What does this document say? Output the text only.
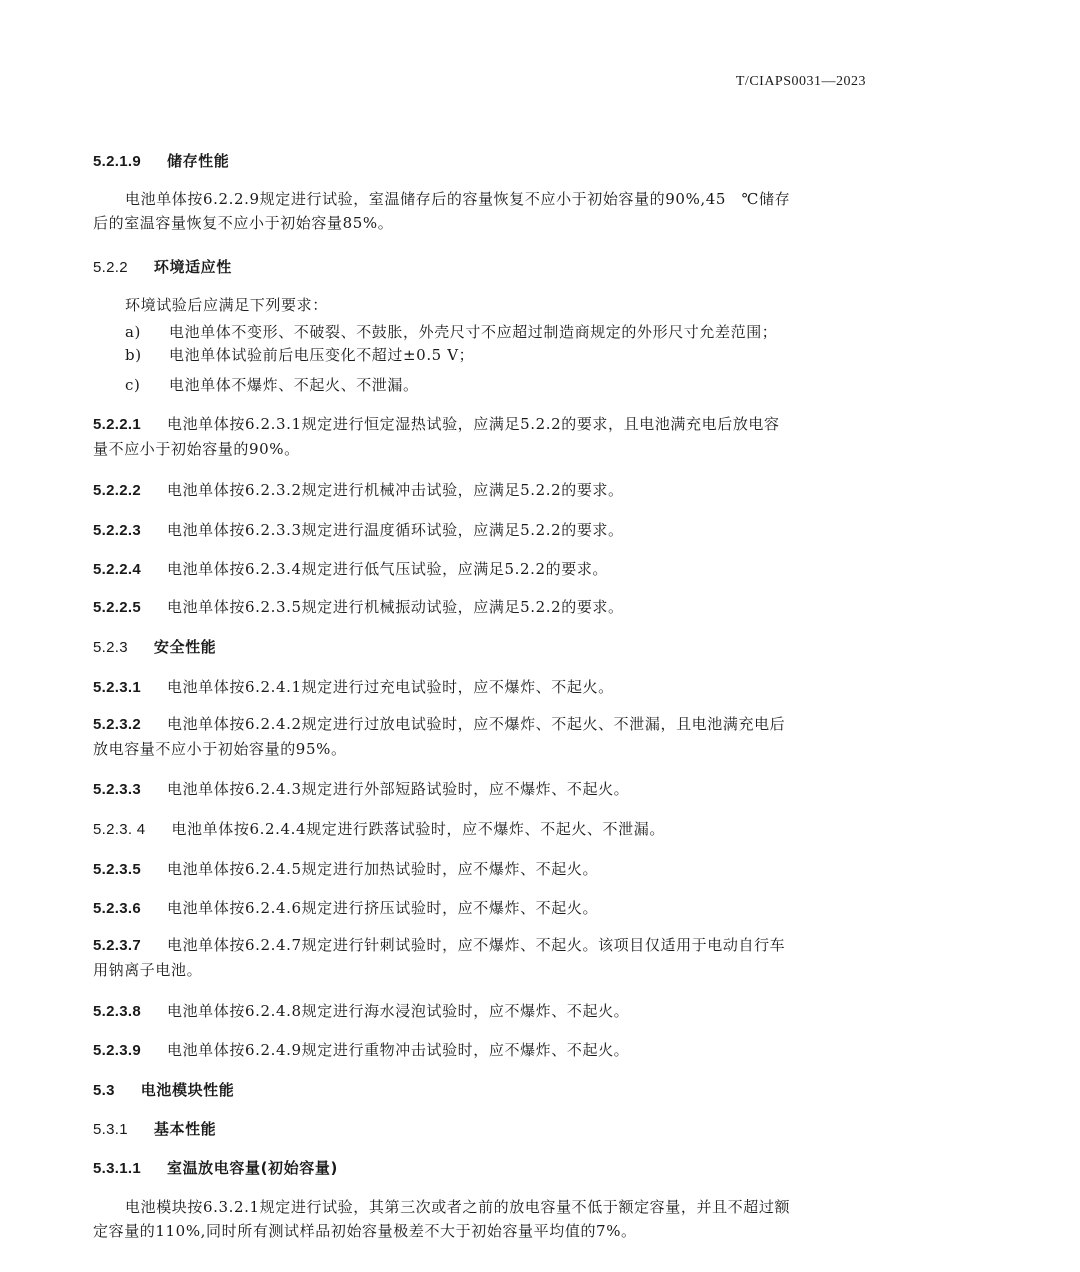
T/CIAPS0031—2023
5.2.1.9 储存性能
电池单体按6.2.2.9规定进行试验，室温储存后的容量恢复不应小于初始容量的90%,45　℃储存
后的室温容量恢复不应小于初始容量85%。
5.2.2 环境适应性
环境试验后应满足下列要求：
a)	电池单体不变形、不破裂、不鼓胀，外壳尺寸不应超过制造商规定的外形尺寸允差范围；
b)	电池单体试验前后电压变化不超过±0.5 V；
c)	电池单体不爆炸、不起火、不泄漏。
5.2.2.1 电池单体按6.2.3.1规定进行恒定湿热试验，应满足5.2.2的要求，且电池满充电后放电容
量不应小于初始容量的90%。
5.2.2.2 电池单体按6.2.3.2规定进行机械冲击试验，应满足5.2.2的要求。
5.2.2.3 电池单体按6.2.3.3规定进行温度循环试验，应满足5.2.2的要求。
5.2.2.4 电池单体按6.2.3.4规定进行低气压试验，应满足5.2.2的要求。
5.2.2.5 电池单体按6.2.3.5规定进行机械振动试验，应满足5.2.2的要求。
5.2.3 安全性能
5.2.3.1 电池单体按6.2.4.1规定进行过充电试验时，应不爆炸、不起火。
5.2.3.2 电池单体按6.2.4.2规定进行过放电试验时，应不爆炸、不起火、不泄漏，且电池满充电后
放电容量不应小于初始容量的95%。
5.2.3.3 电池单体按6.2.4.3规定进行外部短路试验时，应不爆炸、不起火。
5.2.3. 4 电池单体按6.2.4.4规定进行跌落试验时，应不爆炸、不起火、不泄漏。
5.2.3.5 电池单体按6.2.4.5规定进行加热试验时，应不爆炸、不起火。
5.2.3.6 电池单体按6.2.4.6规定进行挤压试验时，应不爆炸、不起火。
5.2.3.7 电池单体按6.2.4.7规定进行针刺试验时，应不爆炸、不起火。该项目仅适用于电动自行车
用钠离子电池。
5.2.3.8 电池单体按6.2.4.8规定进行海水浸泡试验时，应不爆炸、不起火。
5.2.3.9 电池单体按6.2.4.9规定进行重物冲击试验时，应不爆炸、不起火。
5.3 电池模块性能
5.3.1 基本性能
5.3.1.1 室温放电容量(初始容量)
电池模块按6.3.2.1规定进行试验，其第三次或者之前的放电容量不低于额定容量，并且不超过额
定容量的110%,同时所有测试样品初始容量极差不大于初始容量平均值的7%。
